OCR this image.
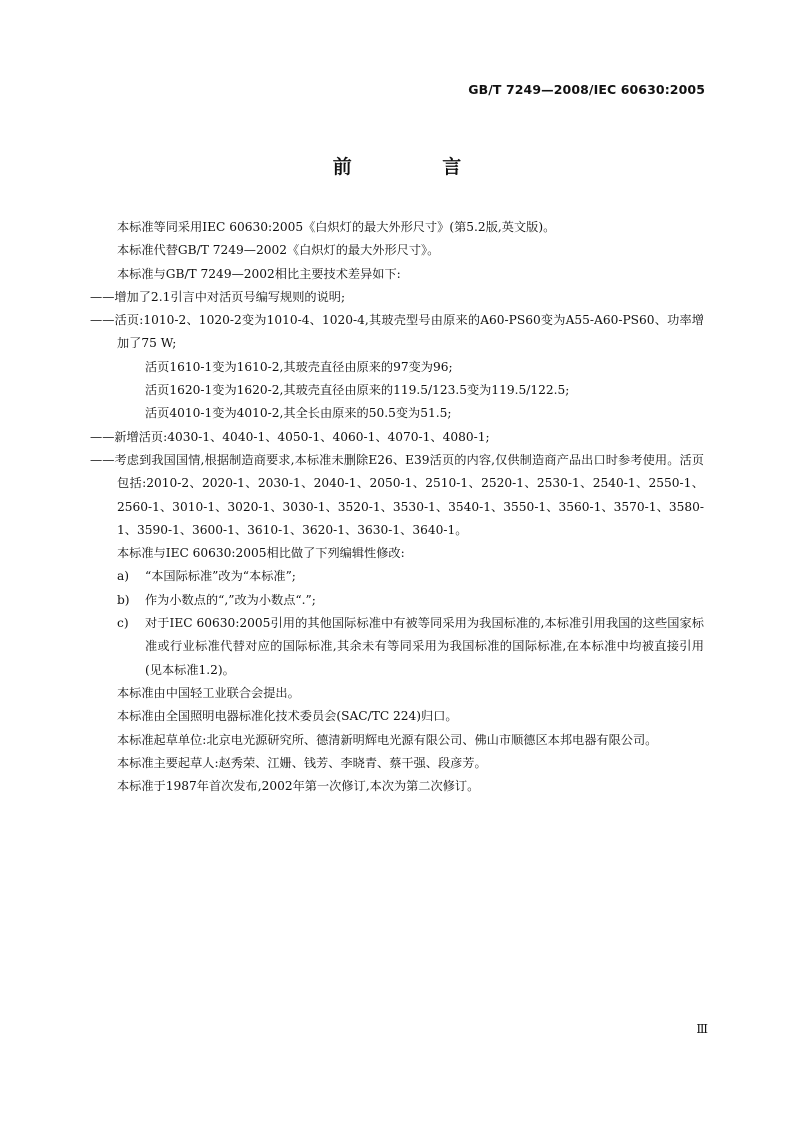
GB/T 7249—2008/IEC 60630:2005
前 言

本标准等同采用IEC 60630:2005《白炽灯的最大外形尺寸》(第5.2版,英文版)。

本标准代替GB/T 7249—2002《白炽灯的最大外形尺寸》。

本标准与GB/T 7249—2002相比主要技术差异如下:

——增加了2.1引言中对活页号编写规则的说明;

——活页:1010-2、1020-2变为1010-4、1020-4,其玻壳型号由原来的A60-PS60变为A55-A60-PS60、功率增加了75 W;

活页1610-1变为1610-2,其玻壳直径由原来的97变为96;

活页1620-1变为1620-2,其玻壳直径由原来的119.5/123.5变为119.5/122.5;

活页4010-1变为4010-2,其全长由原来的50.5变为51.5;

——新增活页:4030-1、4040-1、4050-1、4060-1、4070-1、4080-1;

——考虑到我国国情,根据制造商要求,本标准未删除E26、E39活页的内容,仅供制造商产品出口时参考使用。活页包括:2010-2、2020-1、2030-1、2040-1、2050-1、2510-1、2520-1、2530-1、2540-1、2550-1、2560-1、3010-1、3020-1、3030-1、3520-1、3530-1、3540-1、3550-1、3560-1、3570-1、3580-1、3590-1、3600-1、3610-1、3620-1、3630-1、3640-1。

本标准与IEC 60630:2005相比做了下列编辑性修改:

a) “本国际标准”改为“本标准”;

b) 作为小数点的“,”改为小数点“.”;

c) 对于IEC 60630:2005引用的其他国际标准中有被等同采用为我国标准的,本标准引用我国的这些国家标准或行业标准代替对应的国际标准,其余未有等同采用为我国标准的国际标准,在本标准中均被直接引用(见本标准1.2)。

本标准由中国轻工业联合会提出。

本标准由全国照明电器标准化技术委员会(SAC/TC 224)归口。

本标准起草单位:北京电光源研究所、德清新明辉电光源有限公司、佛山市顺德区本邦电器有限公司。

本标准主要起草人:赵秀荣、江姗、钱芳、李晓青、蔡干强、段彦芳。

本标准于1987年首次发布,2002年第一次修订,本次为第二次修订。

Ⅲ
